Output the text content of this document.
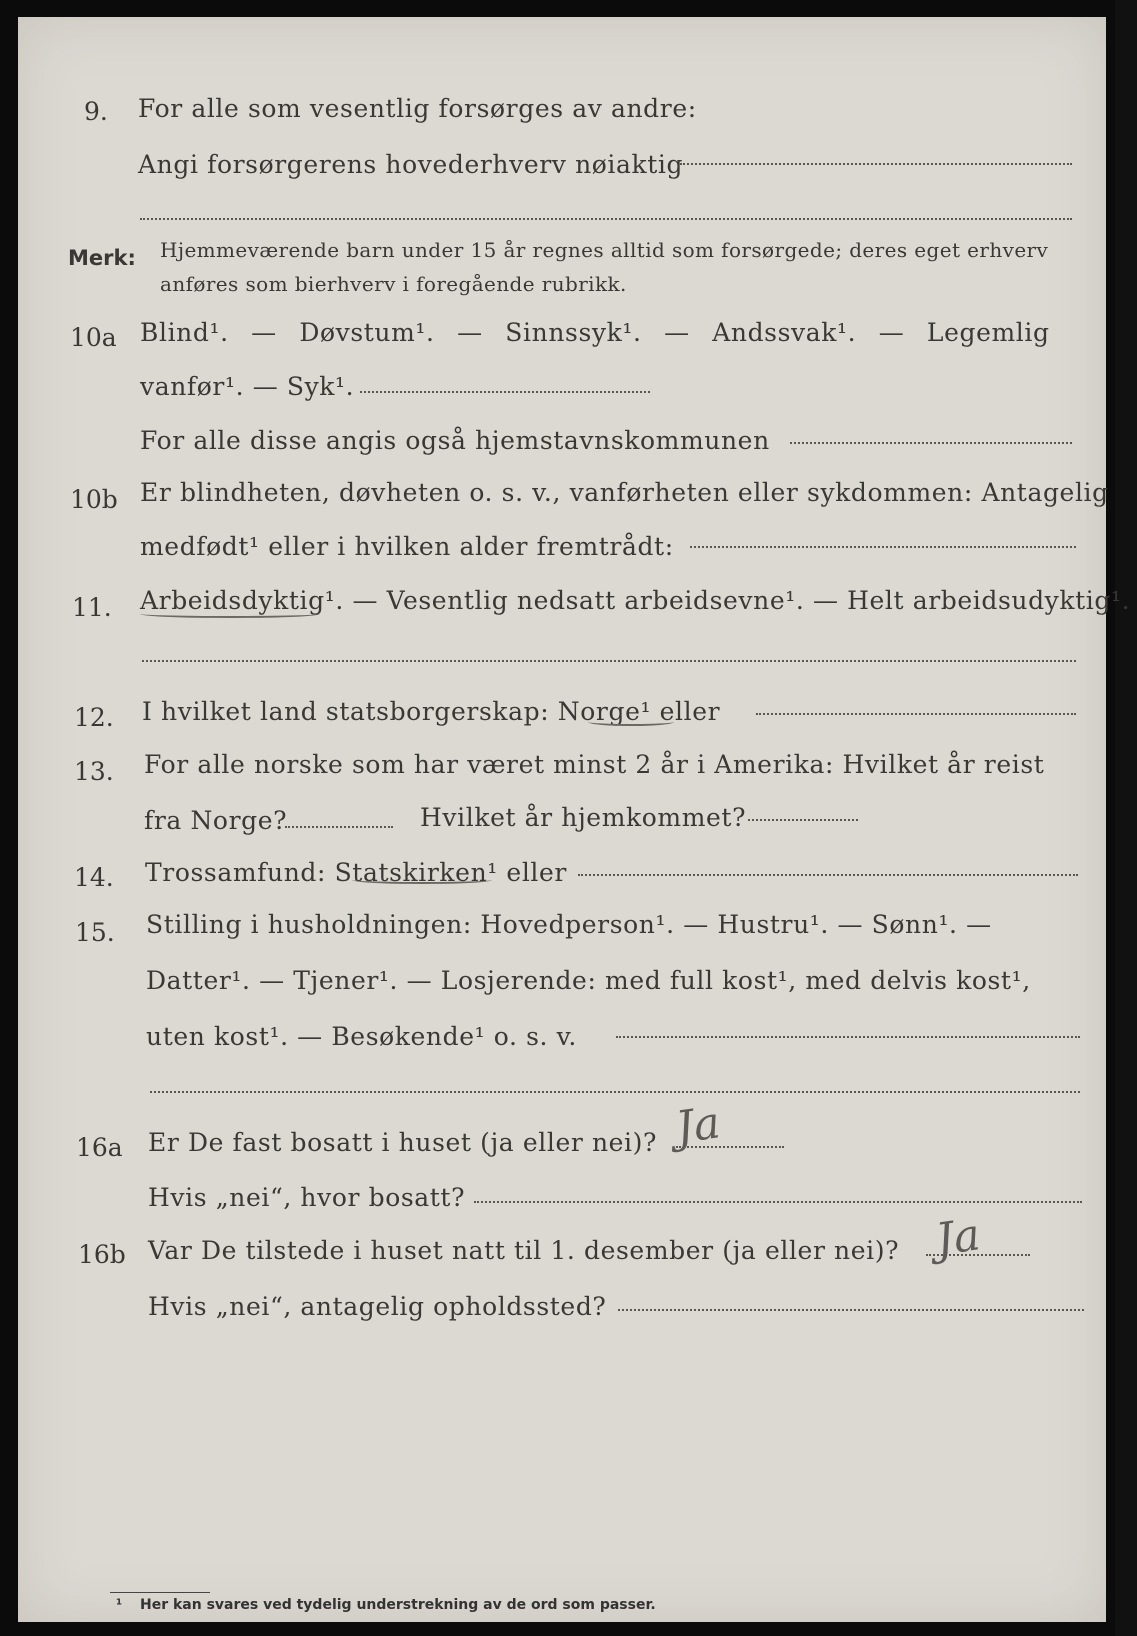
9. For alle som vesentlig forsørges av andre:
Angi forsørgerens hovederhverv nøiaktig
Merk: Hjemmeværende barn under 15 år regnes alltid som forsørgede; deres eget erhverv
anføres som bierhverv i foregående rubrikk.
10a Blind¹. — Døvstum¹. — Sinnssyk¹. — Andssvak¹. — Legemlig
vanfør¹. — Syk¹.
For alle disse angis også hjemstavnskommunen
10b Er blindheten, døvheten o. s. v., vanførheten eller sykdommen: Antagelig
medfødt¹ eller i hvilken alder fremtrådt:
11. Arbeidsdyktig¹. — Vesentlig nedsatt arbeidsevne¹. — Helt arbeidsudyktig¹.
12. I hvilket land statsborgerskap: Norge¹ eller
13. For alle norske som har været minst 2 år i Amerika: Hvilket år reist
fra Norge?	Hvilket år hjemkommet?
14. Trossamfund: Statskirken¹ eller
15. Stilling i husholdningen: Hovedperson¹. — Hustru¹. — Sønn¹. —
Datter¹. — Tjener¹. — Losjerende: med full kost¹, med delvis kost¹,
uten kost¹. — Besøkende¹ o. s. v.
16a Er De fast bosatt i huset (ja eller nei)? Ja
Hvis „nei“, hvor bosatt?
16b Var De tilstede i huset natt til 1. desember (ja eller nei)? Ja
Hvis „nei“, antagelig opholdssted?
¹ Her kan svares ved tydelig understrekning av de ord som passer.
